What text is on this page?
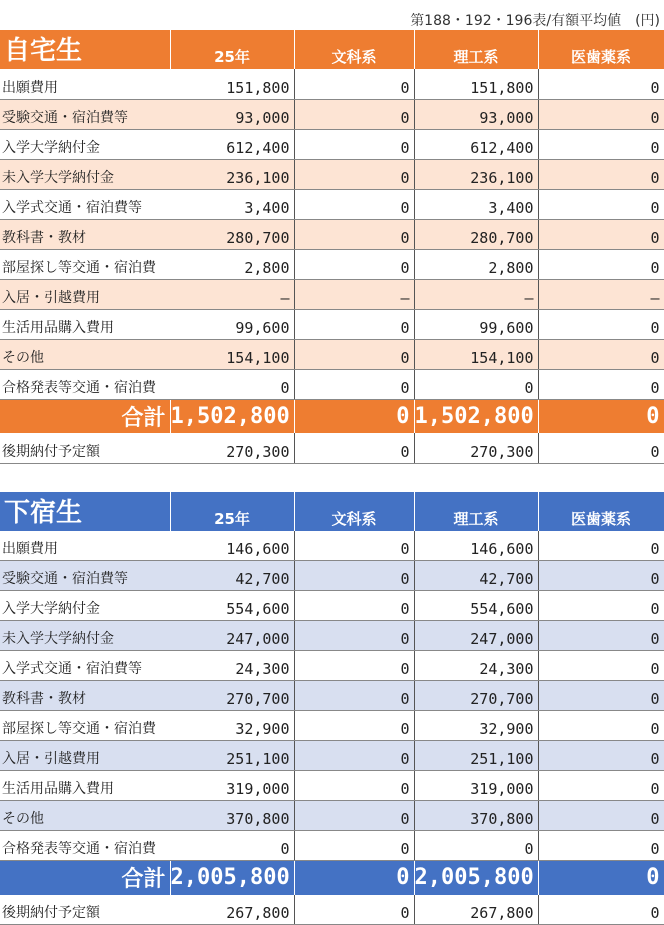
第188・192・196表/有額平均値　(円)
自宅生	25年	文科系	理工系	医歯薬系
出願費用	151,800	0	151,800	0
受験交通・宿泊費等	93,000	0	93,000	0
入学大学納付金	612,400	0	612,400	0
未入学大学納付金	236,100	0	236,100	0
入学式交通・宿泊費等	3,400	0	3,400	0
教科書・教材	280,700	0	280,700	0
部屋探し等交通・宿泊費	2,800	0	2,800	0
入居・引越費用	―	―	―	―
生活用品購入費用	99,600	0	99,600	0
その他	154,100	0	154,100	0
合格発表等交通・宿泊費	0	0	0	0
合計	1,502,800	0	1,502,800	0
後期納付予定額	270,300	0	270,300	0
下宿生	25年	文科系	理工系	医歯薬系
出願費用	146,600	0	146,600	0
受験交通・宿泊費等	42,700	0	42,700	0
入学大学納付金	554,600	0	554,600	0
未入学大学納付金	247,000	0	247,000	0
入学式交通・宿泊費等	24,300	0	24,300	0
教科書・教材	270,700	0	270,700	0
部屋探し等交通・宿泊費	32,900	0	32,900	0
入居・引越費用	251,100	0	251,100	0
生活用品購入費用	319,000	0	319,000	0
その他	370,800	0	370,800	0
合格発表等交通・宿泊費	0	0	0	0
合計	2,005,800	0	2,005,800	0
後期納付予定額	267,800	0	267,800	0
